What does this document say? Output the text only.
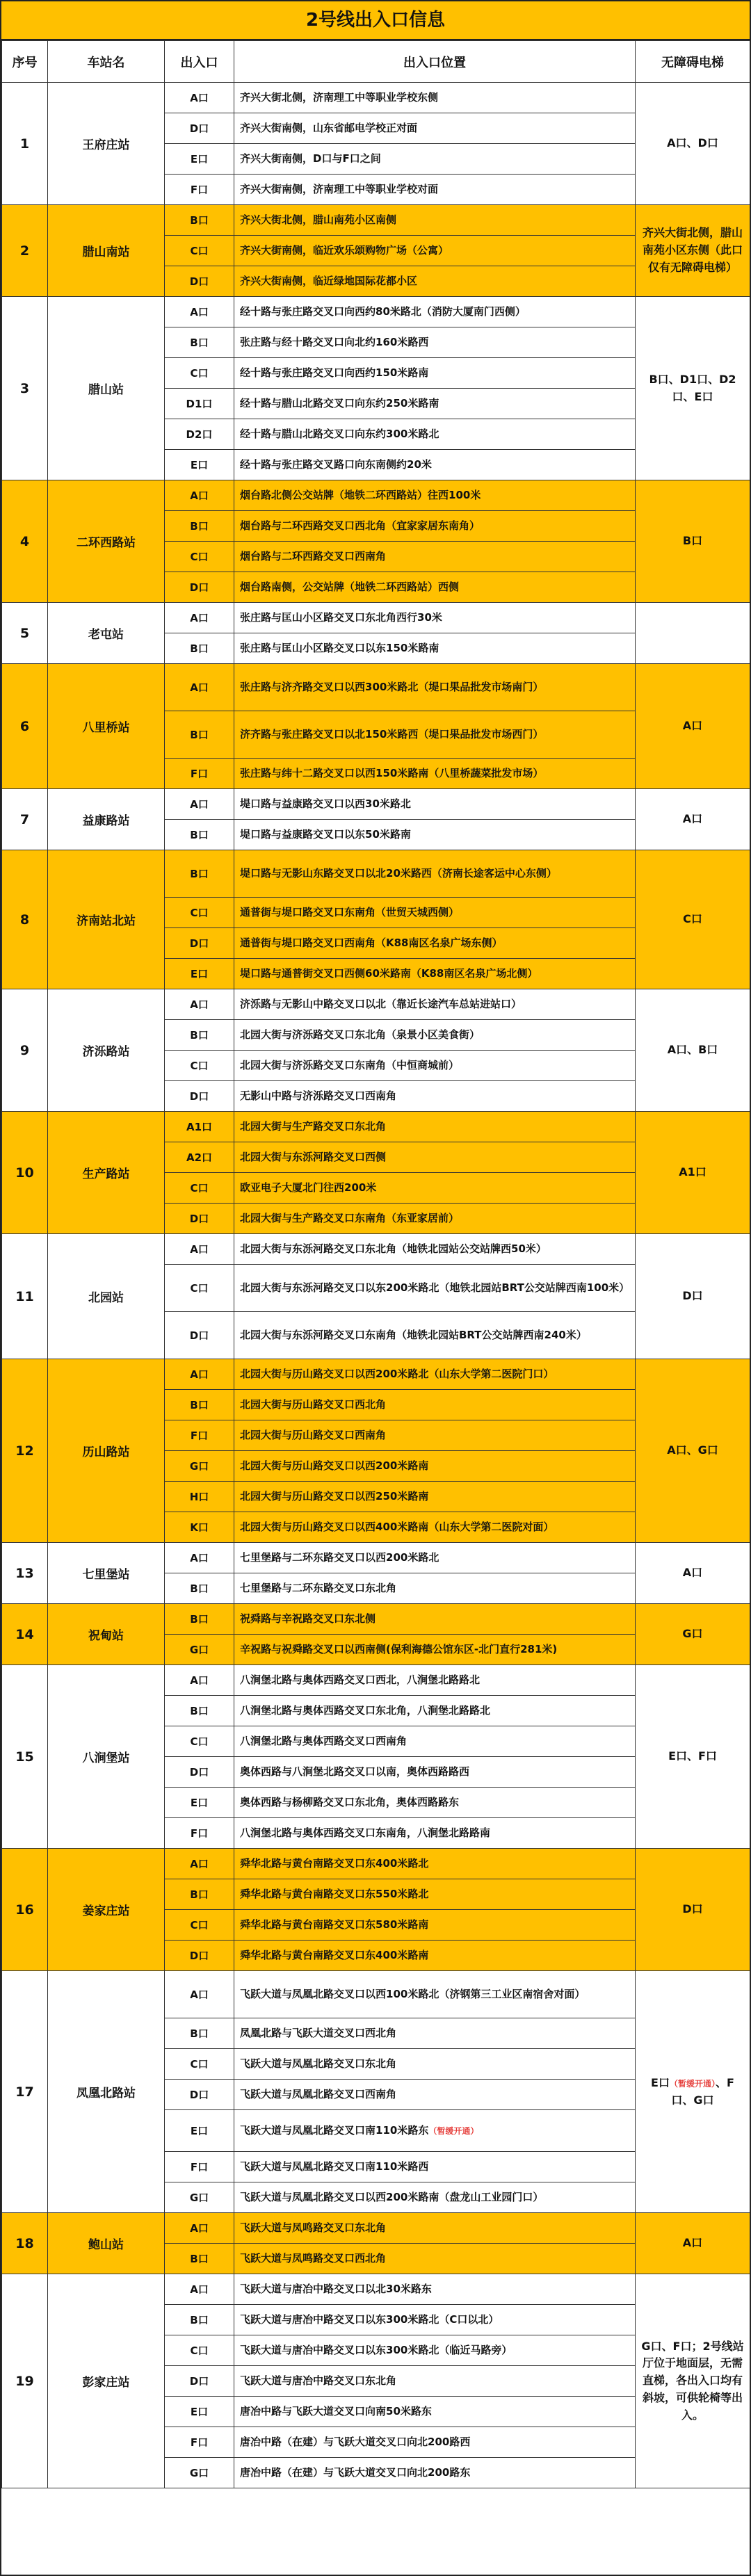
2号线出入口信息
序号	车站名	出入口	出入口位置	无障碍电梯
1	王府庄站	A口	齐兴大街北侧，济南理工中等职业学校东侧	A口、D口
		D口	齐兴大街南侧，山东省邮电学校正对面	
		E口	齐兴大街南侧，D口与F口之间	
		F口	齐兴大街南侧，济南理工中等职业学校对面	
2	腊山南站	B口	齐兴大街北侧，腊山南苑小区南侧	齐兴大街北侧，腊山南苑小区东侧（此口仅有无障碍电梯）
		C口	齐兴大街南侧，临近欢乐颂购物广场（公寓）	
		D口	齐兴大街南侧，临近绿地国际花都小区	
3	腊山站	A口	经十路与张庄路交叉口向西约80米路北（消防大厦南门西侧）	B口、D1口、D2口、E口
		B口	张庄路与经十路交叉口向北约160米路西	
		C口	经十路与张庄路交叉口向西约150米路南	
		D1口	经十路与腊山北路交叉口向东约250米路南	
		D2口	经十路与腊山北路交叉口向东约300米路北	
		E口	经十路与张庄路交叉路口向东南侧约20米	
4	二环西路站	A口	烟台路北侧公交站牌（地铁二环西路站）往西100米	B口
		B口	烟台路与二环西路交叉口西北角（宜家家居东南角）	
		C口	烟台路与二环西路交叉口西南角	
		D口	烟台路南侧，公交站牌（地铁二环西路站）西侧	
5	老屯站	A口	张庄路与匡山小区路交叉口东北角西行30米	
		B口	张庄路与匡山小区路交叉口以东150米路南	
6	八里桥站	A口	张庄路与济齐路交叉口以西300米路北（堤口果品批发市场南门）	A口
		B口	济齐路与张庄路交叉口以北150米路西（堤口果品批发市场西门）	
		F口	张庄路与纬十二路交叉口以西150米路南（八里桥蔬菜批发市场）	
7	益康路站	A口	堤口路与益康路交叉口以西30米路北	A口
		B口	堤口路与益康路交叉口以东50米路南	
8	济南站北站	B口	堤口路与无影山东路交叉口以北20米路西（济南长途客运中心东侧）	C口
		C口	通普街与堤口路交叉口东南角（世贸天城西侧）	
		D口	通普街与堤口路交叉口西南角（K88南区名泉广场东侧）	
		E口	堤口路与通普街交叉口西侧60米路南（K88南区名泉广场北侧）	
9	济泺路站	A口	济泺路与无影山中路交叉口以北（靠近长途汽车总站进站口）	A口、B口
		B口	北园大街与济泺路交叉口东北角（泉景小区美食街）	
		C口	北园大街与济泺路交叉口东南角（中恒商城前）	
		D口	无影山中路与济泺路交叉口西南角	
10	生产路站	A1口	北园大街与生产路交叉口东北角	A1口
		A2口	北园大街与东泺河路交叉口西侧	
		C口	欧亚电子大厦北门往西200米	
		D口	北园大街与生产路交叉口东南角（东亚家居前）	
11	北园站	A口	北园大街与东泺河路交叉口东北角（地铁北园站公交站牌西50米）	D口
		C口	北园大街与东泺河路交叉口以东200米路北（地铁北园站BRT公交站牌西南100米）	
		D口	北园大街与东泺河路交叉口东南角（地铁北园站BRT公交站牌西南240米）	
12	历山路站	A口	北园大街与历山路交叉口以西200米路北（山东大学第二医院门口）	A口、G口
		B口	北园大街与历山路交叉口西北角	
		F口	北园大街与历山路交叉口西南角	
		G口	北园大街与历山路交叉口以西200米路南	
		H口	北园大街与历山路交叉口以西250米路南	
		K口	北园大街与历山路交叉口以西400米路南（山东大学第二医院对面）	
13	七里堡站	A口	七里堡路与二环东路交叉口以西200米路北	A口
		B口	七里堡路与二环东路交叉口东北角	
14	祝甸站	B口	祝舜路与辛祝路交叉口东北侧	G口
		G口	辛祝路与祝舜路交叉口以西南侧(保利海德公馆东区-北门直行281米)	
15	八涧堡站	A口	八涧堡北路与奥体西路交叉口西北，八涧堡北路路北	E口、F口
		B口	八涧堡北路与奥体西路交叉口东北角，八涧堡北路路北	
		C口	八涧堡北路与奥体西路交叉口西南角	
		D口	奥体西路与八涧堡北路交叉口以南，奥体西路路西	
		E口	奥体西路与杨柳路交叉口东北角，奥体西路路东	
		F口	八涧堡北路与奥体西路交叉口东南角，八涧堡北路路南	
16	姜家庄站	A口	舜华北路与黄台南路交叉口东400米路北	D口
		B口	舜华北路与黄台南路交叉口东550米路北	
		C口	舜华北路与黄台南路交叉口东580米路南	
		D口	舜华北路与黄台南路交叉口东400米路南	
17	凤凰北路站	A口	飞跃大道与凤凰北路交叉口以西100米路北（济钢第三工业区南宿舍对面）	E口（暂缓开通）、F口、G口
		B口	凤凰北路与飞跃大道交叉口西北角	
		C口	飞跃大道与凤凰北路交叉口东北角	
		D口	飞跃大道与凤凰北路交叉口西南角	
		E口	飞跃大道与凤凰北路交叉口南110米路东（暂缓开通）	
		F口	飞跃大道与凤凰北路交叉口南110米路西	
		G口	飞跃大道与凤凰北路交叉口以西200米路南（盘龙山工业园门口）	
18	鲍山站	A口	飞跃大道与凤鸣路交叉口东北角	A口
		B口	飞跃大道与凤鸣路交叉口西北角	
19	彭家庄站	A口	飞跃大道与唐冶中路交叉口以北30米路东	G口、F口；2号线站厅位于地面层，无需直梯，各出入口均有斜坡，可供轮椅等出入。
		B口	飞跃大道与唐冶中路交叉口以东300米路北（C口以北）	
		C口	飞跃大道与唐冶中路交叉口以东300米路北（临近马路旁）	
		D口	飞跃大道与唐冶中路交叉口东北角	
		E口	唐冶中路与飞跃大道交叉口向南50米路东	
		F口	唐冶中路（在建）与飞跃大道交叉口向北200路西	
		G口	唐冶中路（在建）与飞跃大道交叉口向北200路东	
